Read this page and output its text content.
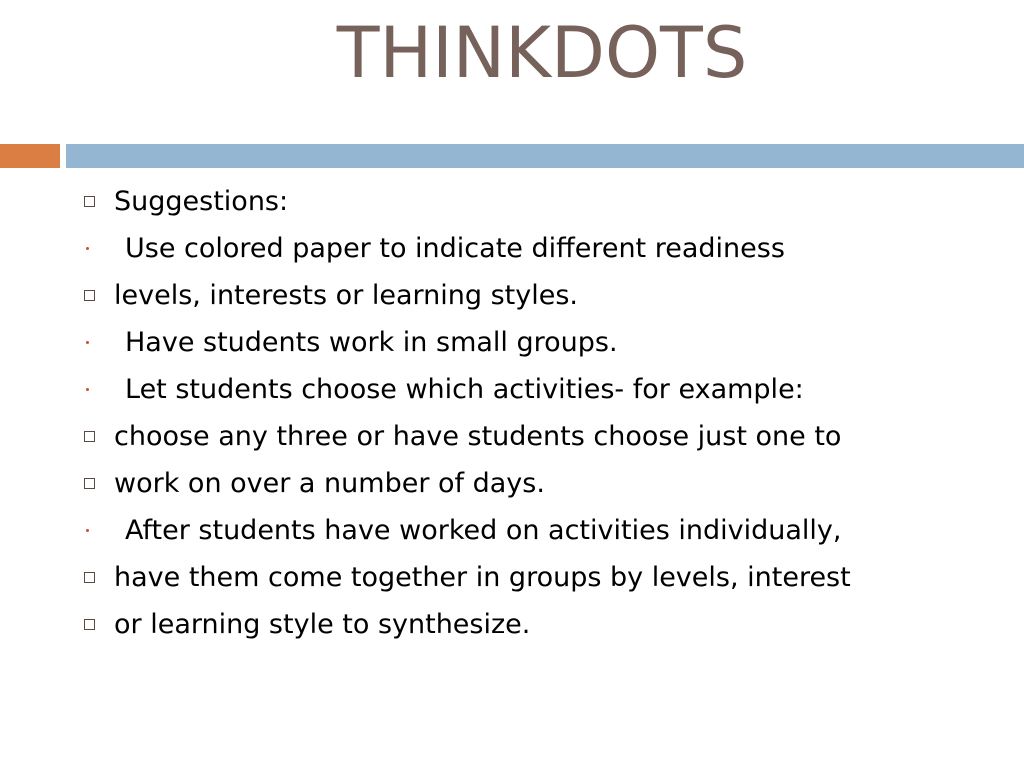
THINKDOTS
Suggestions:
Use colored paper to indicate different readiness
levels, interests or learning styles.
Have students work in small groups.
Let students choose which activities- for example:
choose any three or have students choose just one to
work on over a number of days.
After students have worked on activities individually,
have them come together in groups by levels, interest
or learning style to synthesize.
